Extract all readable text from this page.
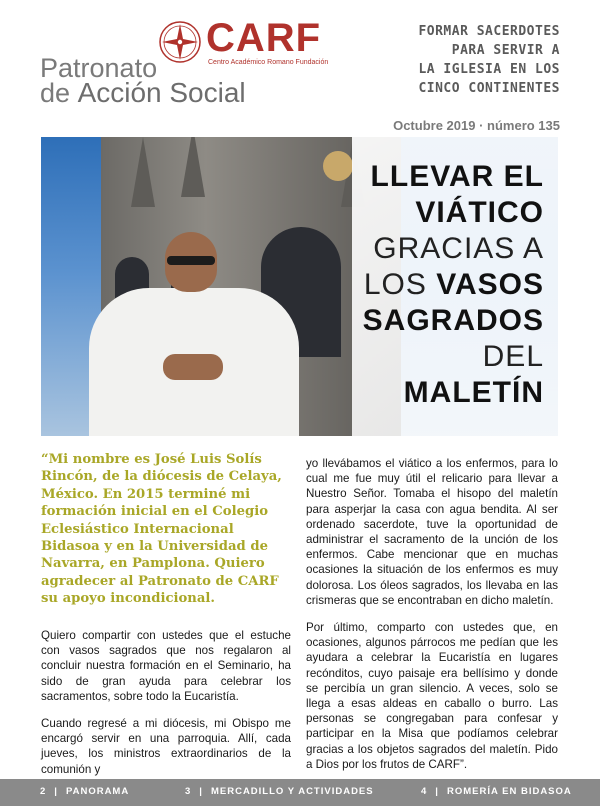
CARF
Centro Académico Romano Fundación
Patronato
de Acción Social
FORMAR SACERDOTES
PARA SERVIR A
LA IGLESIA EN LOS
CINCO CONTINENTES
Octubre 2019 · número 135
LLEVAR EL
VIÁTICO
GRACIAS A
LOS VASOS
SAGRADOS
DEL
MALETÍN
“Mi nombre es José Luis Solís Rincón, de la diócesis de Celaya, México. En 2015 terminé mi formación inicial en el Colegio Eclesiástico Internacional Bidasoa y en la Universidad de Navarra, en Pamplona. Quiero agradecer al Patronato de CARF su apoyo incondicional.

Quiero compartir con ustedes que el estuche con vasos sagrados que nos regalaron al concluir nuestra formación en el Seminario, ha sido de gran ayuda para celebrar los sacramentos, sobre todo la Eucaristía.

Cuando regresé a mi diócesis, mi Obispo me encargó servir en una parroquia. Allí, cada jueves, los ministros extraordinarios de la comunión y

yo llevábamos el viático a los enfermos, para lo cual me fue muy útil el relicario para llevar a Nuestro Señor. Tomaba el hisopo del maletín para asperjar la casa con agua bendita. Al ser ordenado sacerdote, tuve la oportunidad de administrar el sacramento de la unción de los enfermos. Cabe mencionar que en muchas ocasiones la situación de los enfermos es muy dolorosa. Los óleos sagrados, los llevaba en las crismeras que se encontraban en dicho maletín.

Por último, comparto con ustedes que, en ocasiones, algunos párrocos me pedían que les ayudara a celebrar la Eucaristía en lugares recónditos, cuyo paisaje era bellísimo y donde se percibía un gran silencio. A veces, solo se llega a esas aldeas en caballo o burro. Las personas se congregaban para confesar y participar en la Misa que podíamos celebrar gracias a los objetos sagrados del maletín. Pido a Dios por los frutos de CARF”.

2 | PANORAMA	3 | MERCADILLO Y ACTIVIDADES	4 | ROMERÍA EN BIDASOA
